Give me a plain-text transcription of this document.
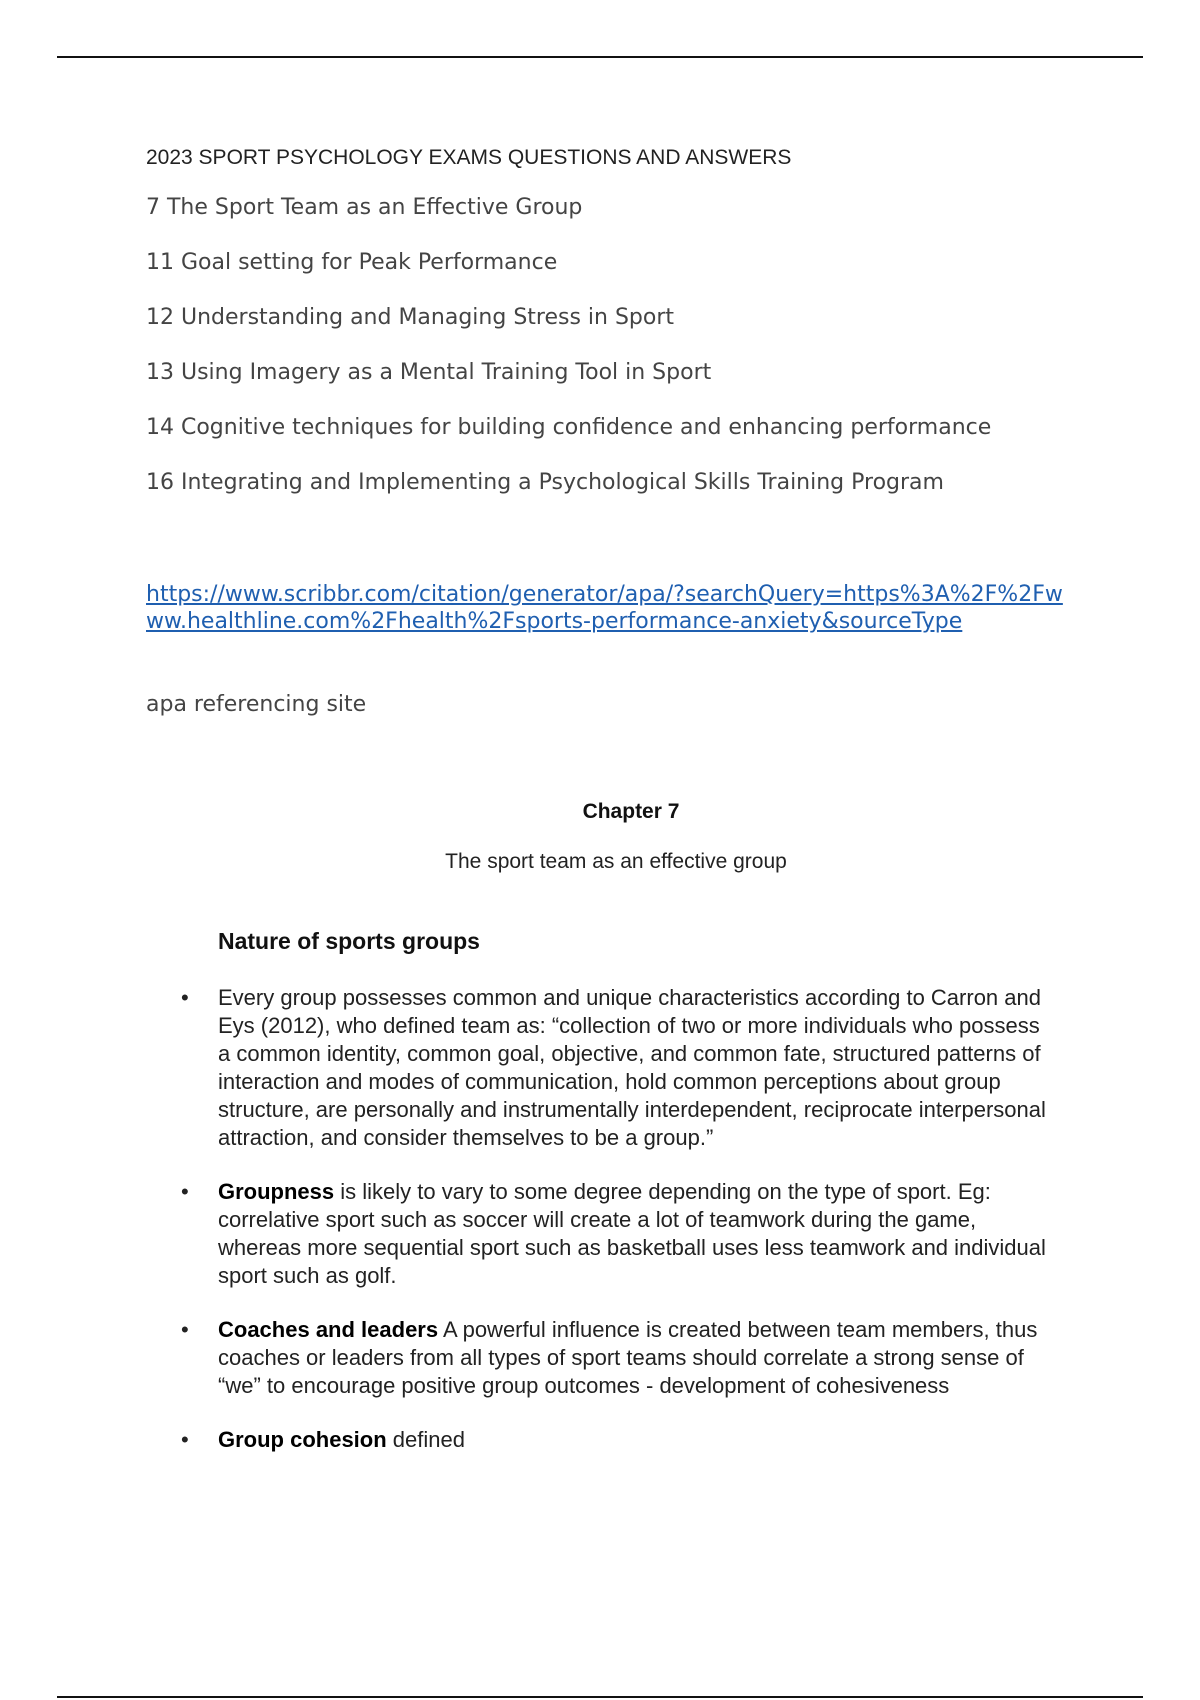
2023 SPORT PSYCHOLOGY EXAMS QUESTIONS AND ANSWERS
7 The Sport Team as an Effective Group
11 Goal setting for Peak Performance
12 Understanding and Managing Stress in Sport
13 Using Imagery as a Mental Training Tool in Sport
14 Cognitive techniques for building confidence and enhancing performance
16 Integrating and Implementing a Psychological Skills Training Program
https://www.scribbr.com/citation/generator/apa/?searchQuery=https%3A%2F%2Fwww.healthline.com%2Fhealth%2Fsports-performance-anxiety&sourceType
apa referencing site
Chapter 7
The sport team as an effective group
Nature of sports groups
• Every group possesses common and unique characteristics according to Carron and Eys (2012), who defined team as: “collection of two or more individuals who possess a common identity, common goal, objective, and common fate, structured patterns of interaction and modes of communication, hold common perceptions about group structure, are personally and instrumentally interdependent, reciprocate interpersonal attraction, and consider themselves to be a group.”
• Groupness is likely to vary to some degree depending on the type of sport. Eg: correlative sport such as soccer will create a lot of teamwork during the game, whereas more sequential sport such as basketball uses less teamwork and individual sport such as golf.
• Coaches and leaders A powerful influence is created between team members, thus coaches or leaders from all types of sport teams should correlate a strong sense of “we” to encourage positive group outcomes - development of cohesiveness
• Group cohesion defined
